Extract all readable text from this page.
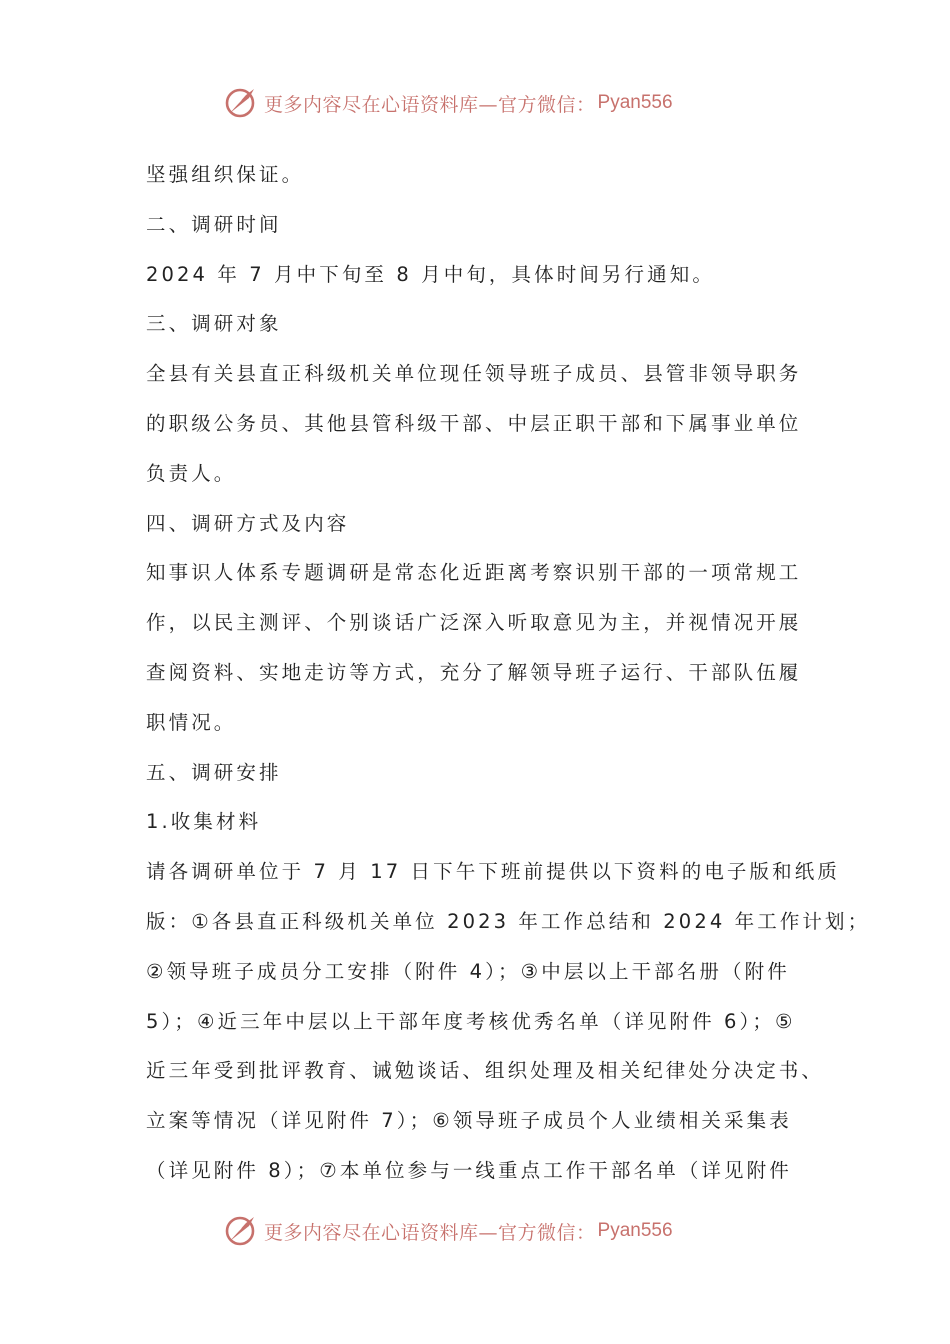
更多内容尽在心语资料库—官方微信： Pyan556
坚强组织保证。
二、调研时间
2024 年 7 月中下旬至 8 月中旬，具体时间另行通知。
三、调研对象
全县有关县直正科级机关单位现任领导班子成员、县管非领导职务
的职级公务员、其他县管科级干部、中层正职干部和下属事业单位
负责人。
四、调研方式及内容
知事识人体系专题调研是常态化近距离考察识别干部的一项常规工
作，以民主测评、个别谈话广泛深入听取意见为主，并视情况开展
查阅资料、实地走访等方式，充分了解领导班子运行、干部队伍履
职情况。
五、调研安排
1.收集材料
请各调研单位于 7 月 17 日下午下班前提供以下资料的电子版和纸质
版：①各县直正科级机关单位 2023 年工作总结和 2024 年工作计划；
②领导班子成员分工安排（附件 4）；③中层以上干部名册（附件
5）；④近三年中层以上干部年度考核优秀名单（详见附件 6）；⑤
近三年受到批评教育、诫勉谈话、组织处理及相关纪律处分决定书、
立案等情况（详见附件 7）；⑥领导班子成员个人业绩相关采集表
（详见附件 8）；⑦本单位参与一线重点工作干部名单（详见附件
更多内容尽在心语资料库—官方微信： Pyan556
